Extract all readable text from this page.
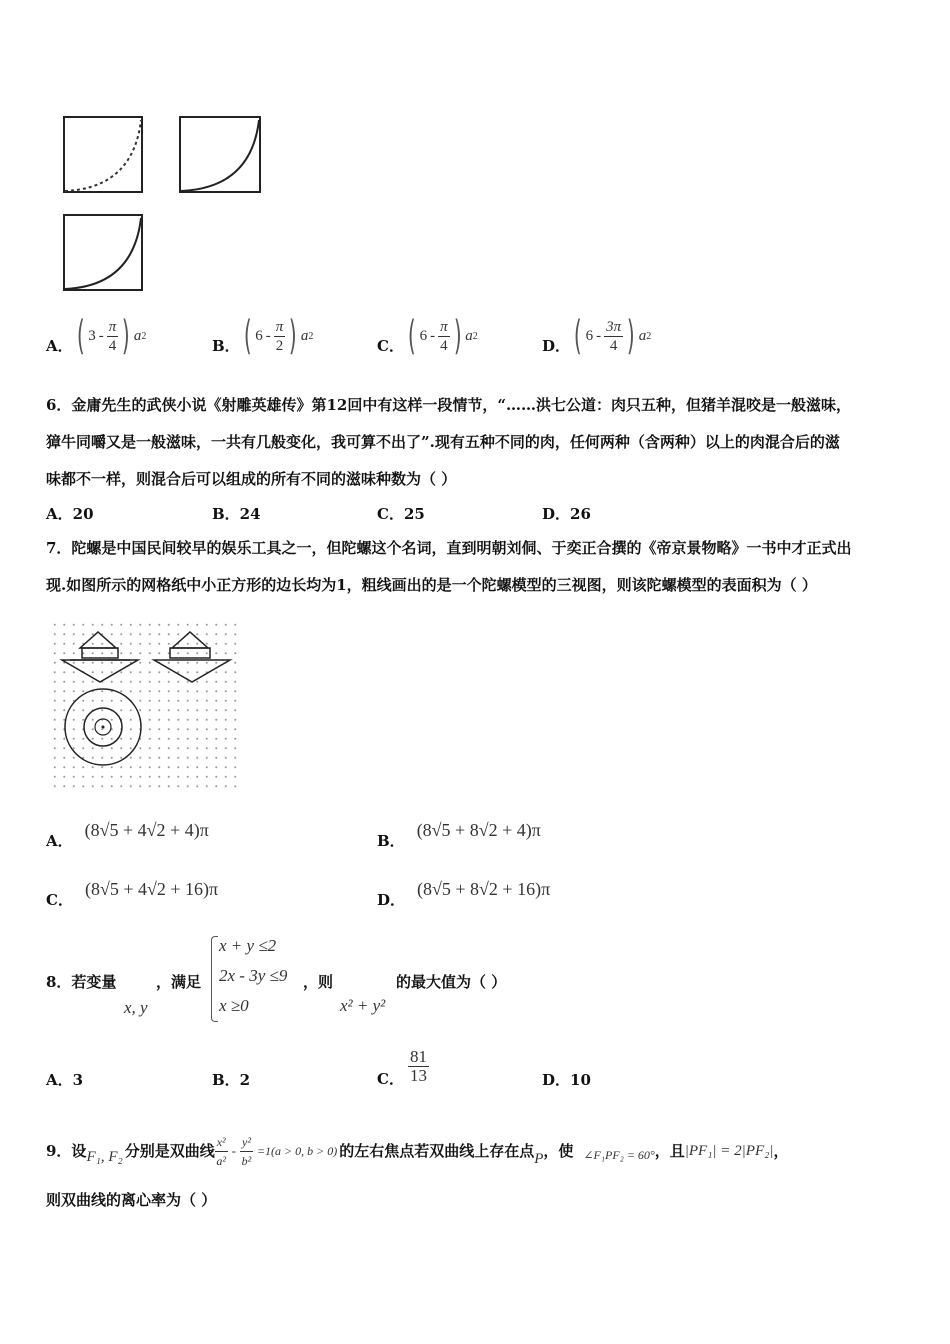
A． ( $3 - \frac{\pi}{4}$ ) a 2
B． ( $6 - \frac{\pi}{2}$ ) a 2
C． ( $6 - \frac{\pi}{4}$ ) a 2
D． ( $6 - \frac{3\pi}{4}$ ) a 2
6．金庸先生的武侠小说《射雕英雄传》第12回中有这样一段情节，“……洪七公道：肉只五种，但猪羊混咬是一般滋味，
獐牛同嚼又是一般滋味，一共有几般变化，我可算不出了”.现有五种不同的肉，任何两种（含两种）以上的肉混合后的滋
味都不一样，则混合后可以组成的所有不同的滋味种数为（ ）
A．20	B．24	C．25	D．26
7．陀螺是中国民间较早的娱乐工具之一，但陀螺这个名词，直到明朝刘侗、于奕正合撰的《帝京景物略》一书中才正式出
现.如图所示的网格纸中小正方形的边长均为1，粗线画出的是一个陀螺模型的三视图，则该陀螺模型的表面积为（ ）
A．
(8√5 + 4√2 + 4)π
B．
(8√5 + 8√2 + 4)π
C．
(8√5 + 4√2 + 16)π
D．
(8√5 + 8√2 + 16)π
8．若变量
x, y
，满足
x + y ≤2
2x - 3y ≤9
x ≥0
，则
x² + y²
的最大值为（ ）
A．3	B．2	C． $\frac{81}{13}$	D．10
9．设 F₁, F₂ 分别是双曲线 $\frac{\text{x²}}{\text{a²}} - \frac{\text{y²}}{\text{b²}} =1(a > 0$, b > 0) 的左右焦点若双曲线上存在点 P ，使 ∠F₁PF₂ = 60° ，且 |PF₁| = 2|PF₂| ，
则双曲线的离心率为（ ）
